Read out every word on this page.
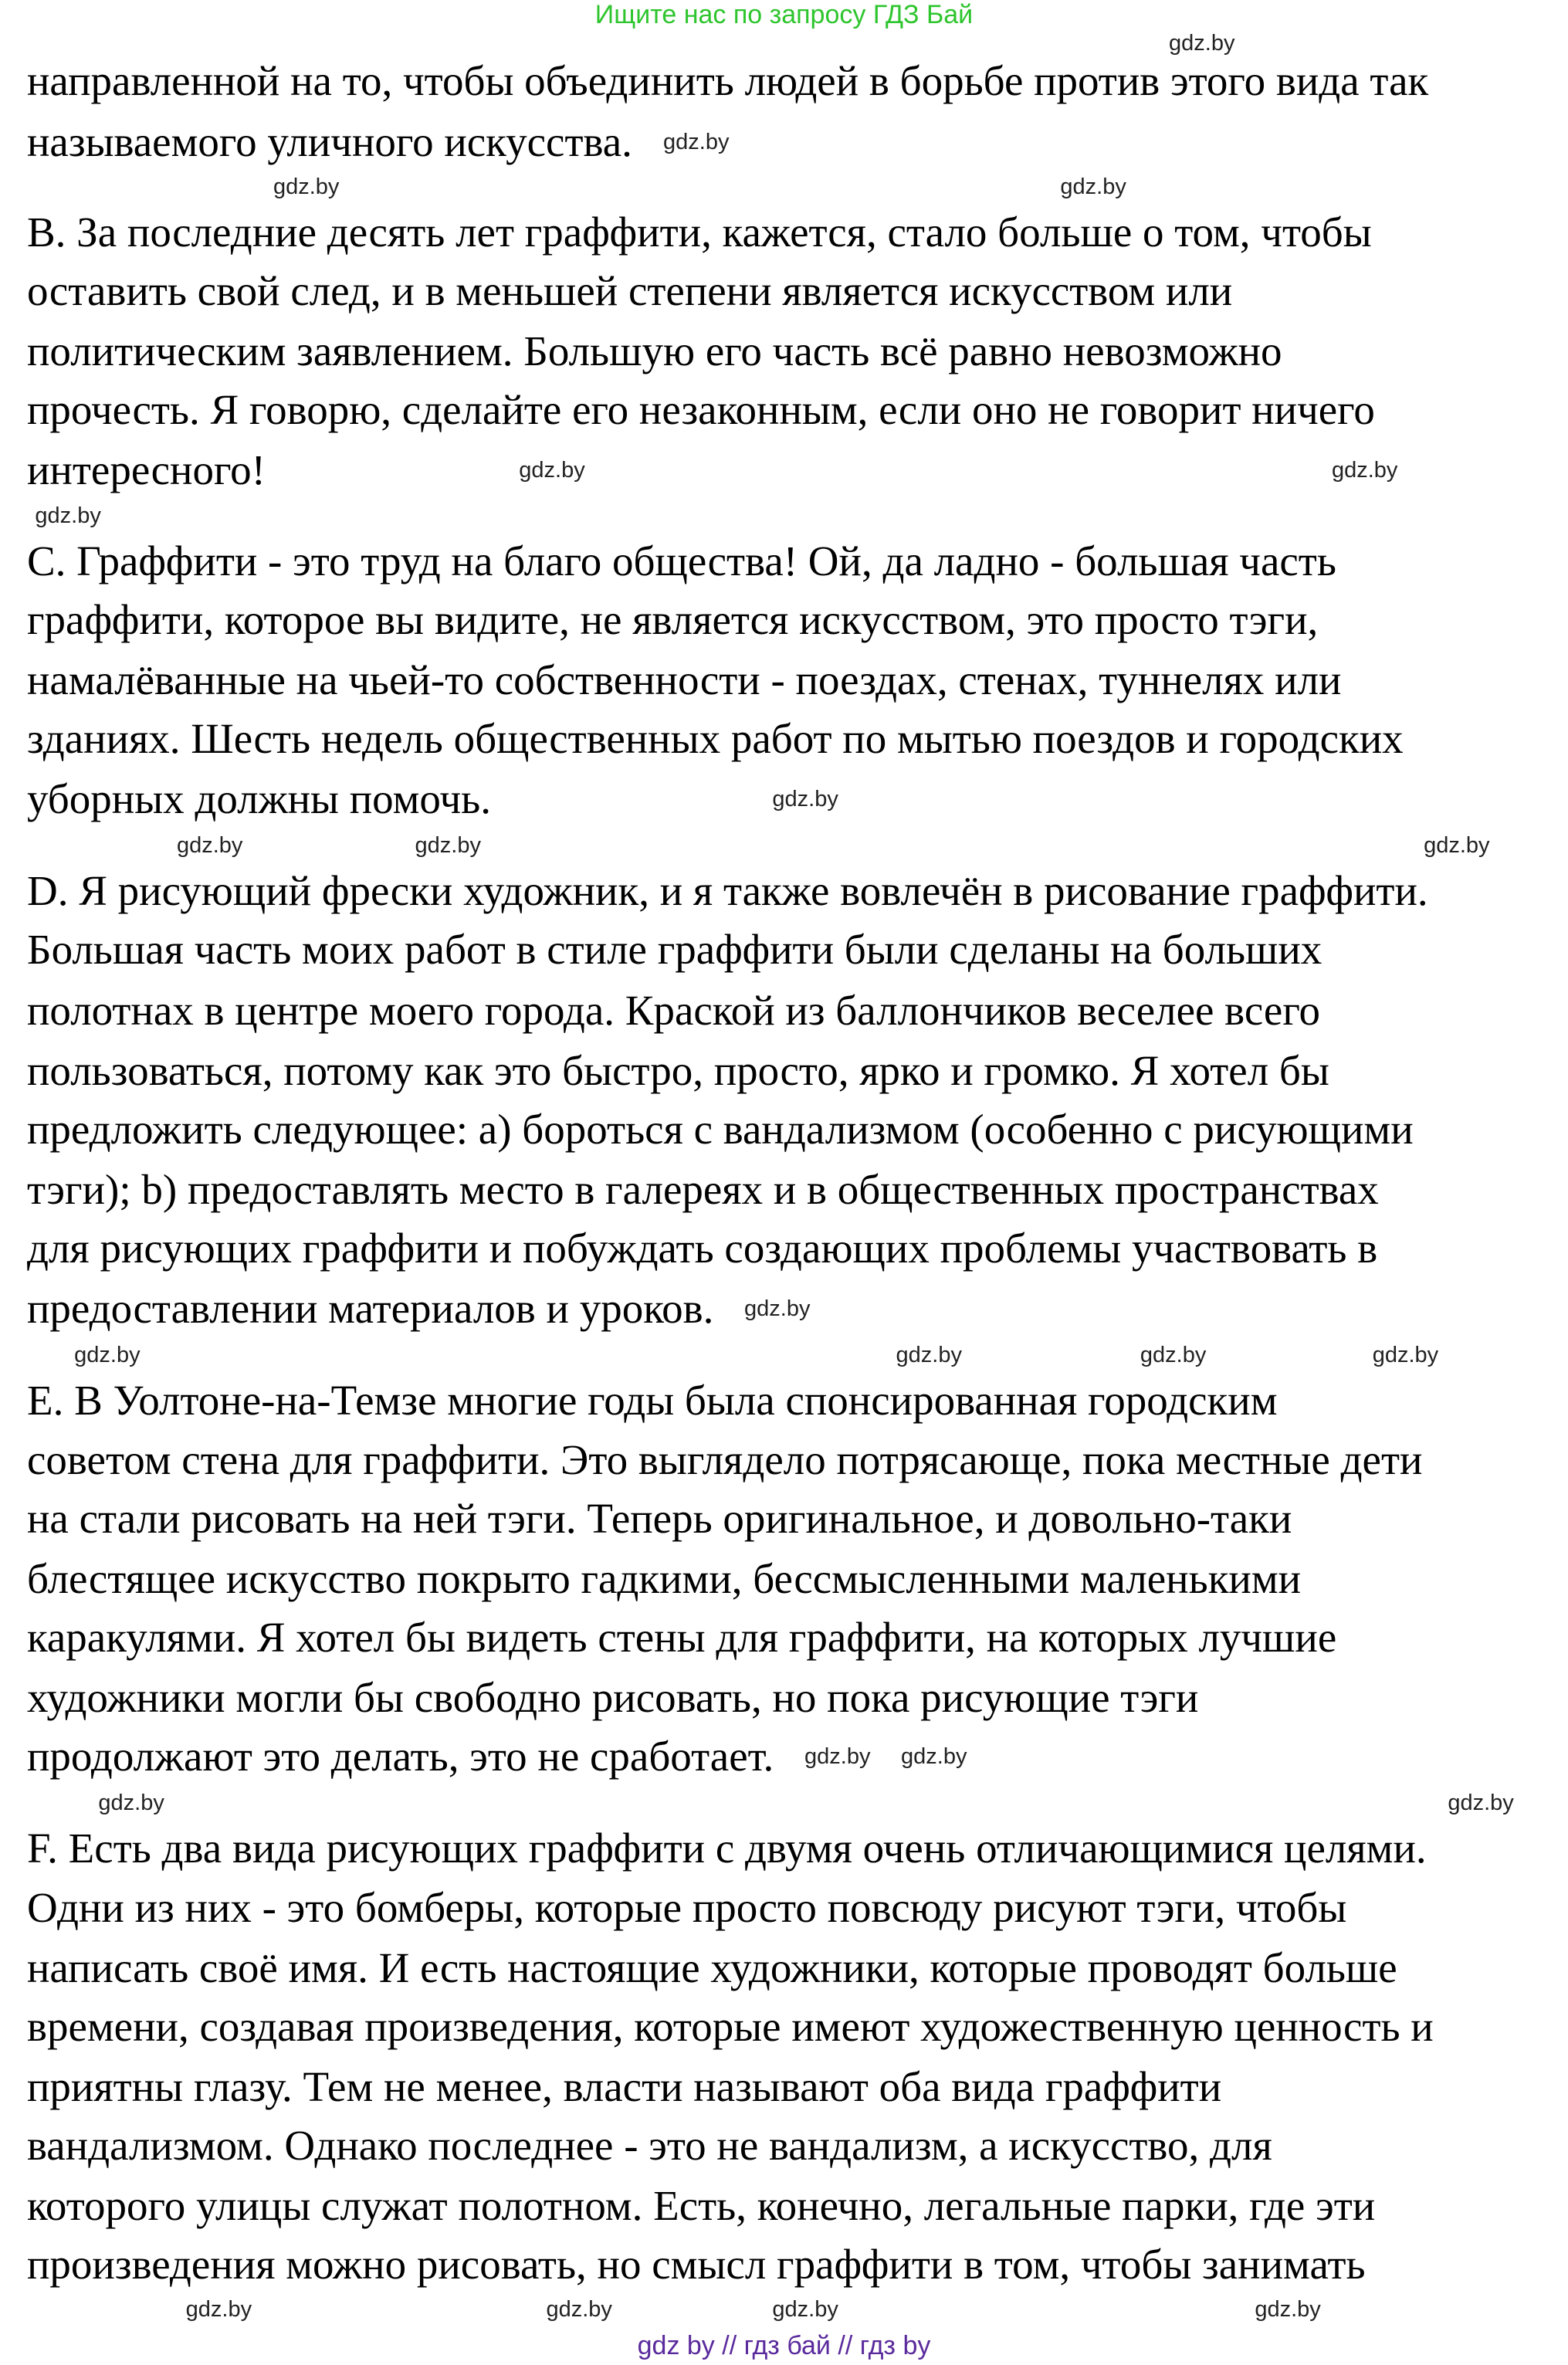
Ищите нас по запросу ГДЗ Бай
направленной на то, чтобы объединить людей в борьбе против этого вида так
называемого уличного искусства.
B. За последние десять лет граффити, кажется, стало больше о том, чтобы
оставить свой след, и в меньшей степени является искусством или
политическим заявлением. Большую его часть всё равно невозможно
прочесть. Я говорю, сделайте его незаконным, если оно не говорит ничего
интересного!
C. Граффити - это труд на благо общества! Ой, да ладно - большая часть
граффити, которое вы видите, не является искусством, это просто тэги,
намалёванные на чьей-то собственности - поездах, стенах, туннелях или
зданиях. Шесть недель общественных работ по мытью поездов и городских
уборных должны помочь.
D. Я рисующий фрески художник, и я также вовлечён в рисование граффити.
Большая часть моих работ в стиле граффити были сделаны на больших
полотнах в центре моего города. Краской из баллончиков веселее всего
пользоваться, потому как это быстро, просто, ярко и громко. Я хотел бы
предложить следующее: a) бороться с вандализмом (особенно с рисующими
тэги); b) предоставлять место в галереях и в общественных пространствах
для рисующих граффити и побуждать создающих проблемы участвовать в
предоставлении материалов и уроков.
E. В Уолтоне-на-Темзе многие годы была спонсированная городским
советом стена для граффити. Это выглядело потрясающе, пока местные дети
на стали рисовать на ней тэги. Теперь оригинальное, и довольно-таки
блестящее искусство покрыто гадкими, бессмысленными маленькими
каракулями. Я хотел бы видеть стены для граффити, на которых лучшие
художники могли бы свободно рисовать, но пока рисующие тэги
продолжают это делать, это не сработает.
F. Есть два вида рисующих граффити с двумя очень отличающимися целями.
Одни из них - это бомберы, которые просто повсюду рисуют тэги, чтобы
написать своё имя. И есть настоящие художники, которые проводят больше
времени, создавая произведения, которые имеют художественную ценность и
приятны глазу. Тем не менее, власти называют оба вида граффити
вандализмом. Однако последнее - это не вандализм, а искусство, для
которого улицы служат полотном. Есть, конечно, легальные парки, где эти
произведения можно рисовать, но смысл граффити в том, чтобы занимать
gdz.by
gdz.by
gdz.by	gdz.by
gdz.by	gdz.by
gdz.by
gdz.by
gdz.by	gdz.by
gdz.by
gdz.by
gdz.by
gdz.by
gdz.by	gdz.by
gdz.by gdz.by
gdz.by	gdz.by
gdz.by
gdz.by
gdz.by
gdz.by
gdz by // гдз бай // гдз by
